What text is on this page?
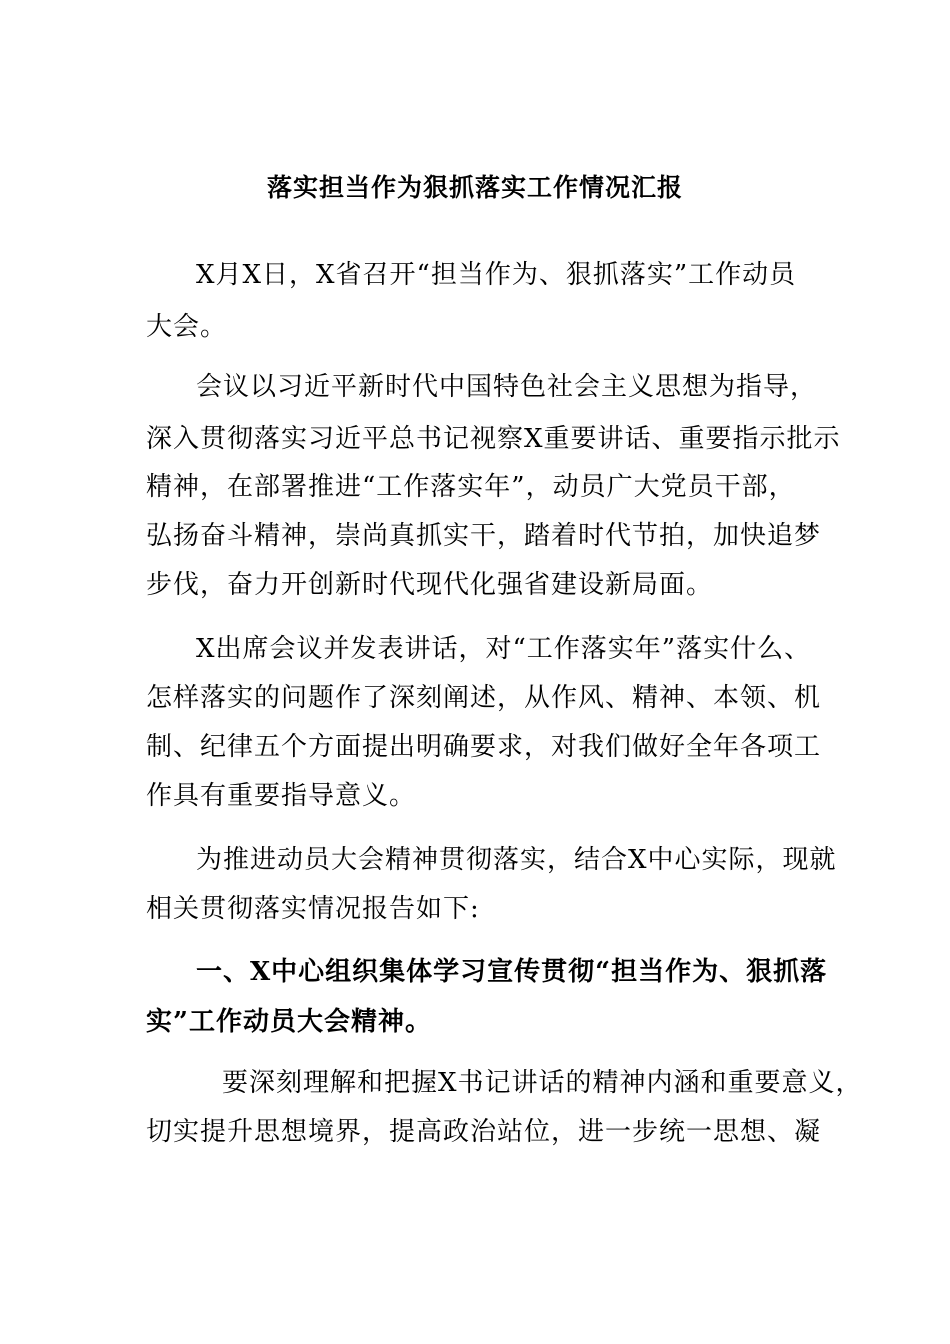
落实担当作为狠抓落实工作情况汇报
X月X日，X省召开“担当作为、狠抓落实”工作动员
大会。
会议以习近平新时代中国特色社会主义思想为指导，
深入贯彻落实习近平总书记视察X重要讲话、重要指示批示
精神，在部署推进“工作落实年”，动员广大党员干部，
弘扬奋斗精神，崇尚真抓实干，踏着时代节拍，加快追梦
步伐，奋力开创新时代现代化强省建设新局面。
X出席会议并发表讲话，对“工作落实年”落实什么、
怎样落实的问题作了深刻阐述，从作风、精神、本领、机
制、纪律五个方面提出明确要求，对我们做好全年各项工
作具有重要指导意义。
为推进动员大会精神贯彻落实，结合X中心实际，现就
相关贯彻落实情况报告如下:
一、X中心组织集体学习宣传贯彻“担当作为、狠抓落
实”工作动员大会精神。
要深刻理解和把握X书记讲话的精神内涵和重要意义，
切实提升思想境界，提高政治站位，进一步统一思想、凝
